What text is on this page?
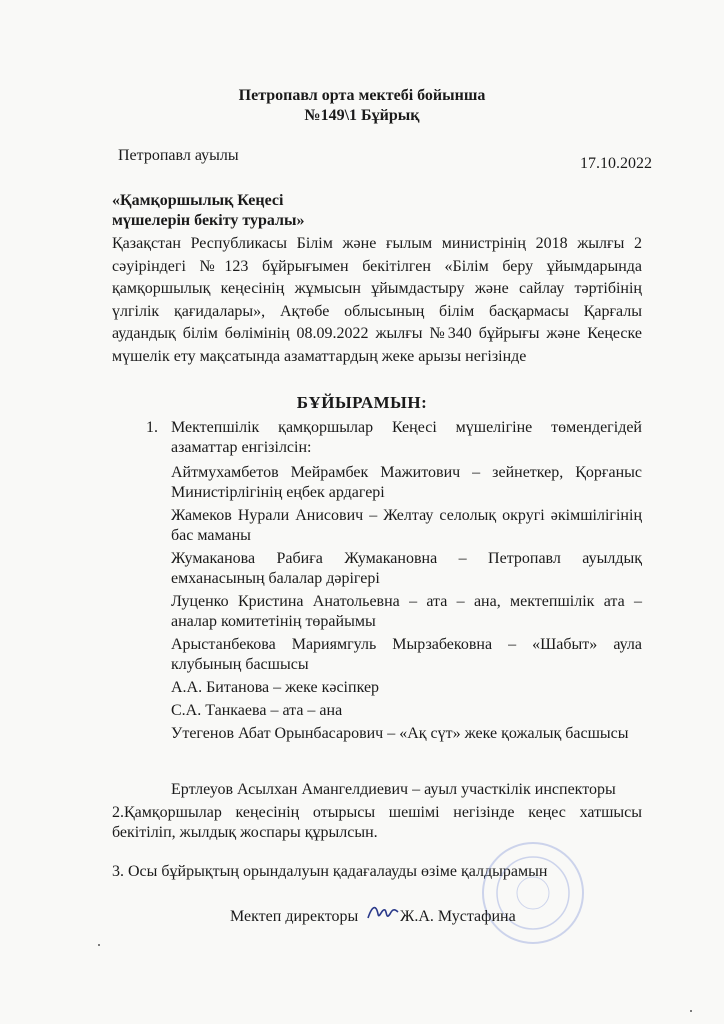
Петропавл орта мектебі бойынша
№149\1 Бұйрық
Петропавл ауылы	17.10.2022
«Қамқоршылық Кеңесі
мүшелерін бекіту туралы»
Қазақстан Республикасы Білім және ғылым министрінің 2018 жылғы 2 сәуіріндегі №123 бұйрығымен бекітілген «Білім беру ұйымдарында қамқоршылық кеңесінің жұмысын ұйымдастыру және сайлау тәртібінің үлгілік қағидалары», Ақтөбе облысының білім басқармасы Қарғалы аудандық білім бөлімінің 08.09.2022 жылғы №340 бұйрығы және Кеңеске мүшелік ету мақсатында азаматтардың жеке арызы негізінде
БҰЙЫРАМЫН:
1. Мектепшілік қамқоршылар Кеңесі мүшелігіне төмендегідей азаматтар енгізілсін:
Айтмухамбетов Мейрамбек Мажитович – зейнеткер, Қорғаныс Министірлігінің еңбек ардагері
Жамеков Нурали Анисович – Желтау селолық округі әкімшілігінің бас маманы
Жумаканова Рабиға Жумакановна – Петропавл ауылдық емханасының балалар дәрігері
Луценко Кристина Анатольевна – ата – ана, мектепшілік ата – аналар комитетінің төрайымы
Арыстанбекова Мариямгуль Мырзабековна – «Шабыт» аула клубының басшысы
А.А. Битанова – жеке кәсіпкер
С.А. Танкаева – ата – ана
Утегенов Абат Орынбасарович – «Ақ сүт» жеке қожалық басшысы
Ертлеуов Асылхан Амангелдиевич – ауыл участкілік инспекторы
2.Қамқоршылар кеңесінің отырысы шешімі негізінде кеңес хатшысы бекітіліп, жылдық жоспары құрылсын.
3. Осы бұйрықтың орындалуын қадағалауды өзіме қалдырамын
Мектеп директоры	Ж.А. Мустафина
